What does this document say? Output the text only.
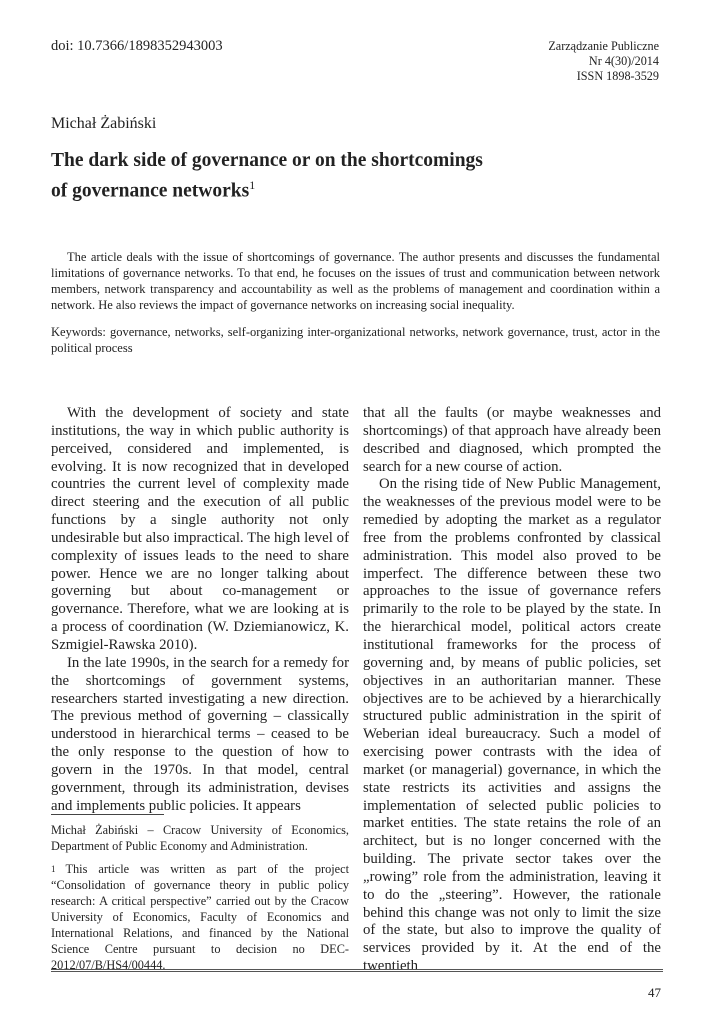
doi: 10.7366/1898352943003	Zarządzanie Publiczne
Nr 4(30)/2014
ISSN 1898-3529
Michał Żabiński
The dark side of governance or on the shortcomings
of governance networks$^1$

The article deals with the issue of shortcomings of governance. The author presents and discusses the fundamental limitations of governance networks. To that end, he focuses on the issues of trust and communication between network members, network transparency and accountability as well as the problems of management and coordination within a network. He also reviews the impact of governance networks on increasing social inequality.

Keywords: governance, networks, self-organizing inter-organizational networks, network governance, trust, actor in the political process

With the development of society and state institutions, the way in which public authority is perceived, considered and implemented, is evolving. It is now recognized that in developed countries the current level of complexity made direct steering and the execution of all public functions by a single authority not only undesirable but also impractical. The high level of complexity of issues leads to the need to share power. Hence we are no longer talking about governing but about co-management or governance. Therefore, what we are looking at is a process of coordination (W. Dziemianowicz, K. Szmigiel-Rawska 2010).

In the late 1990s, in the search for a remedy for the shortcomings of government systems, researchers started investigating a new direction. The previous method of governing – classically understood in hierarchical terms – ceased to be the only response to the question of how to govern in the 1970s. In that model, central government, through its administration, devises and implements public policies. It appears

that all the faults (or maybe weaknesses and shortcomings) of that approach have already been described and diagnosed, which prompted the search for a new course of action.

On the rising tide of New Public Management, the weaknesses of the previous model were to be remedied by adopting the market as a regulator free from the problems confronted by classical administration. This model also proved to be imperfect. The difference between these two approaches to the issue of governance refers primarily to the role to be played by the state. In the hierarchical model, political actors create institutional frameworks for the process of governing and, by means of public policies, set objectives in an authoritarian manner. These objectives are to be achieved by a hierarchically structured public administration in the spirit of Weberian ideal bureaucracy. Such a model of exercising power contrasts with the idea of market (or managerial) governance, in which the state restricts its activities and assigns the implementation of selected public policies to market entities. The state retains the role of an architect, but is no longer concerned with the building. The private sector takes over the „rowing” role from the administration, leaving it to do the „steering”. However, the rationale behind this change was not only to limit the size of the state, but also to improve the quality of services provided by it. At the end of the twentieth

Michał Żabiński – Cracow University of Economics, Department of Public Economy and Administration.

$^1$ This article was written as part of the project “Consolidation of governance theory in public policy research: A critical perspective” carried out by the Cracow University of Economics, Faculty of Economics and International Relations, and financed by the National Science Centre pursuant to decision no DEC-2012/07/B/HS4/00444.

47
